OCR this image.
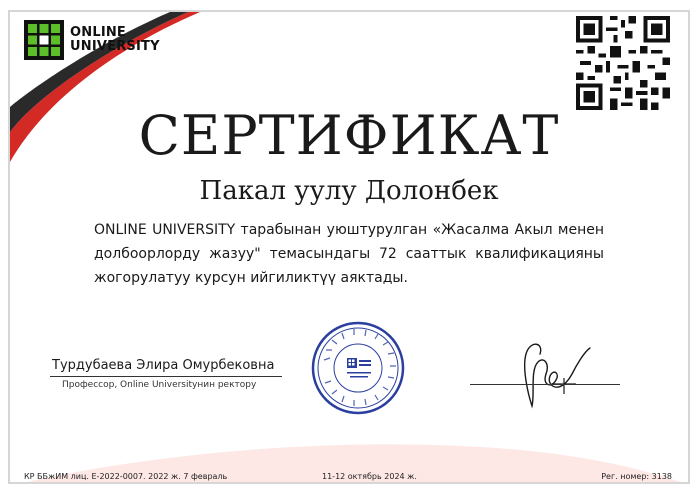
ONLINE
UNIVERSITY
СЕРТИФИКАТ
Пакал уулу Долонбек
ONLINE UNIVERSITY тарабынан уюштурулган «Жасалма Акыл менен долбоорлорду жазуу" темасындагы 72 сааттык квалификацияны жогорулатуу курсун ийгиликтүү аяктады.
Турдубаева Элира Омурбековна
Профессор, Online Universityнин ректору
КР ББжИМ лиц. Е-2022-0007. 2022 ж. 7 февраль	11-12 октябрь 2024 ж.	Рег. номер: 3138
